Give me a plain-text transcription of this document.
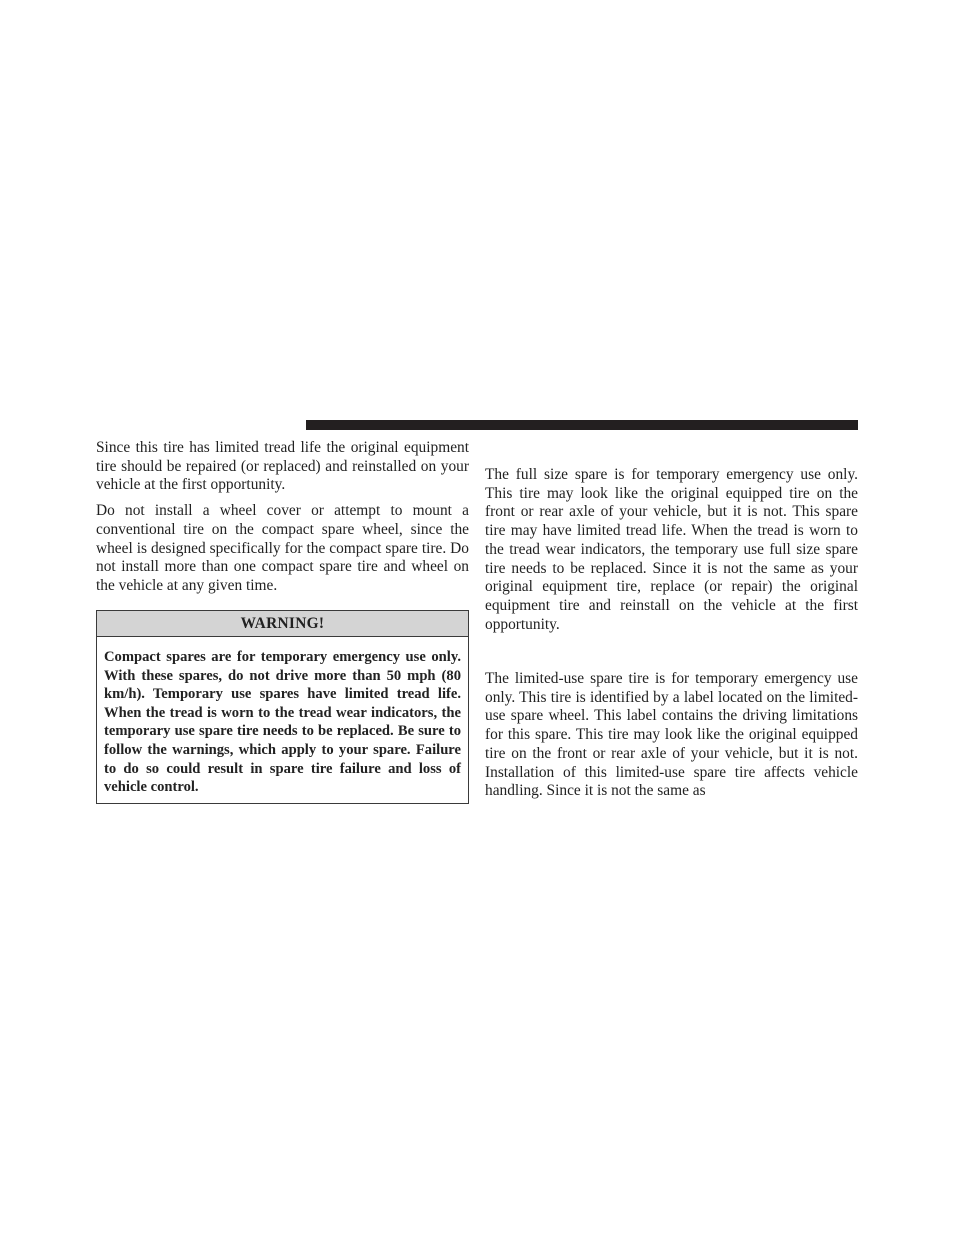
Since this tire has limited tread life the original equipment tire should be repaired (or replaced) and reinstalled on your vehicle at the first opportunity.

Do not install a wheel cover or attempt to mount a conventional tire on the compact spare wheel, since the wheel is designed specifically for the compact spare tire. Do not install more than one compact spare tire and wheel on the vehicle at any given time.

WARNING!
Compact spares are for temporary emergency use only. With these spares, do not drive more than 50 mph (80 km/h). Temporary use spares have limited tread life. When the tread is worn to the tread wear indicators, the temporary use spare tire needs to be replaced. Be sure to follow the warnings, which apply to your spare. Failure to do so could result in spare tire failure and loss of vehicle control.

The full size spare is for temporary emergency use only. This tire may look like the original equipped tire on the front or rear axle of your vehicle, but it is not. This spare tire may have limited tread life. When the tread is worn to the tread wear indicators, the temporary use full size spare tire needs to be replaced. Since it is not the same as your original equipment tire, replace (or repair) the original equipment tire and reinstall on the vehicle at the first opportunity.

The limited-use spare tire is for temporary emergency use only. This tire is identified by a label located on the limited-use spare wheel. This label contains the driving limitations for this spare. This tire may look like the original equipped tire on the front or rear axle of your vehicle, but it is not. Installation of this limited-use spare tire affects vehicle handling. Since it is not the same as
